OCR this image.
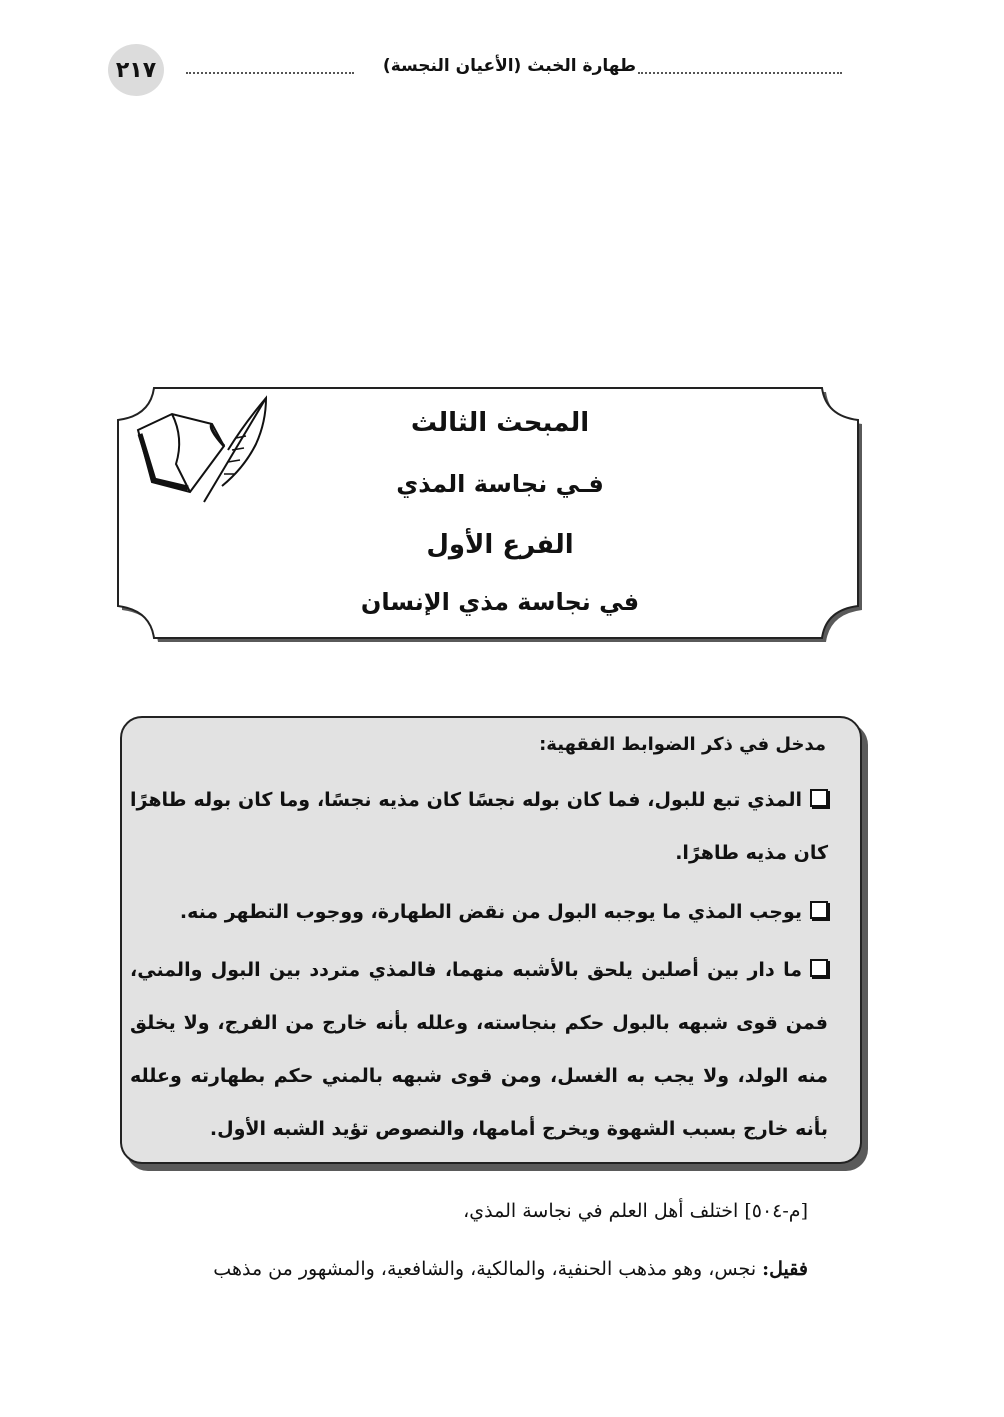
٢١٧	طهارة الخبث (الأعيان النجسة)
المبحث الثالث
فـي نجاسة المذي
الفرع الأول
في نجاسة مذي الإنسان
مدخل في ذكر الضوابط الفقهية:
المذي تبع للبول، فما كان بوله نجسًا كان مذيه نجسًا، وما كان بوله طاهرًا كان مذيه طاهرًا.
يوجب المذي ما يوجبه البول من نقض الطهارة، ووجوب التطهر منه.
ما دار بين أصلين يلحق بالأشبه منهما، فالمذي متردد بين البول والمني، فمن قوى شبهه بالبول حكم بنجاسته، وعلله بأنه خارج من الفرج، ولا يخلق منه الولد، ولا يجب به الغسل، ومن قوى شبهه بالمني حكم بطهارته وعلله بأنه خارج بسبب الشهوة ويخرج أمامها، والنصوص تؤيد الشبه الأول.
[م-٥٠٤] اختلف أهل العلم في نجاسة المذي،
فقيل: نجس، وهو مذهب الحنفية، والمالكية، والشافعية، والمشهور من مذهب
